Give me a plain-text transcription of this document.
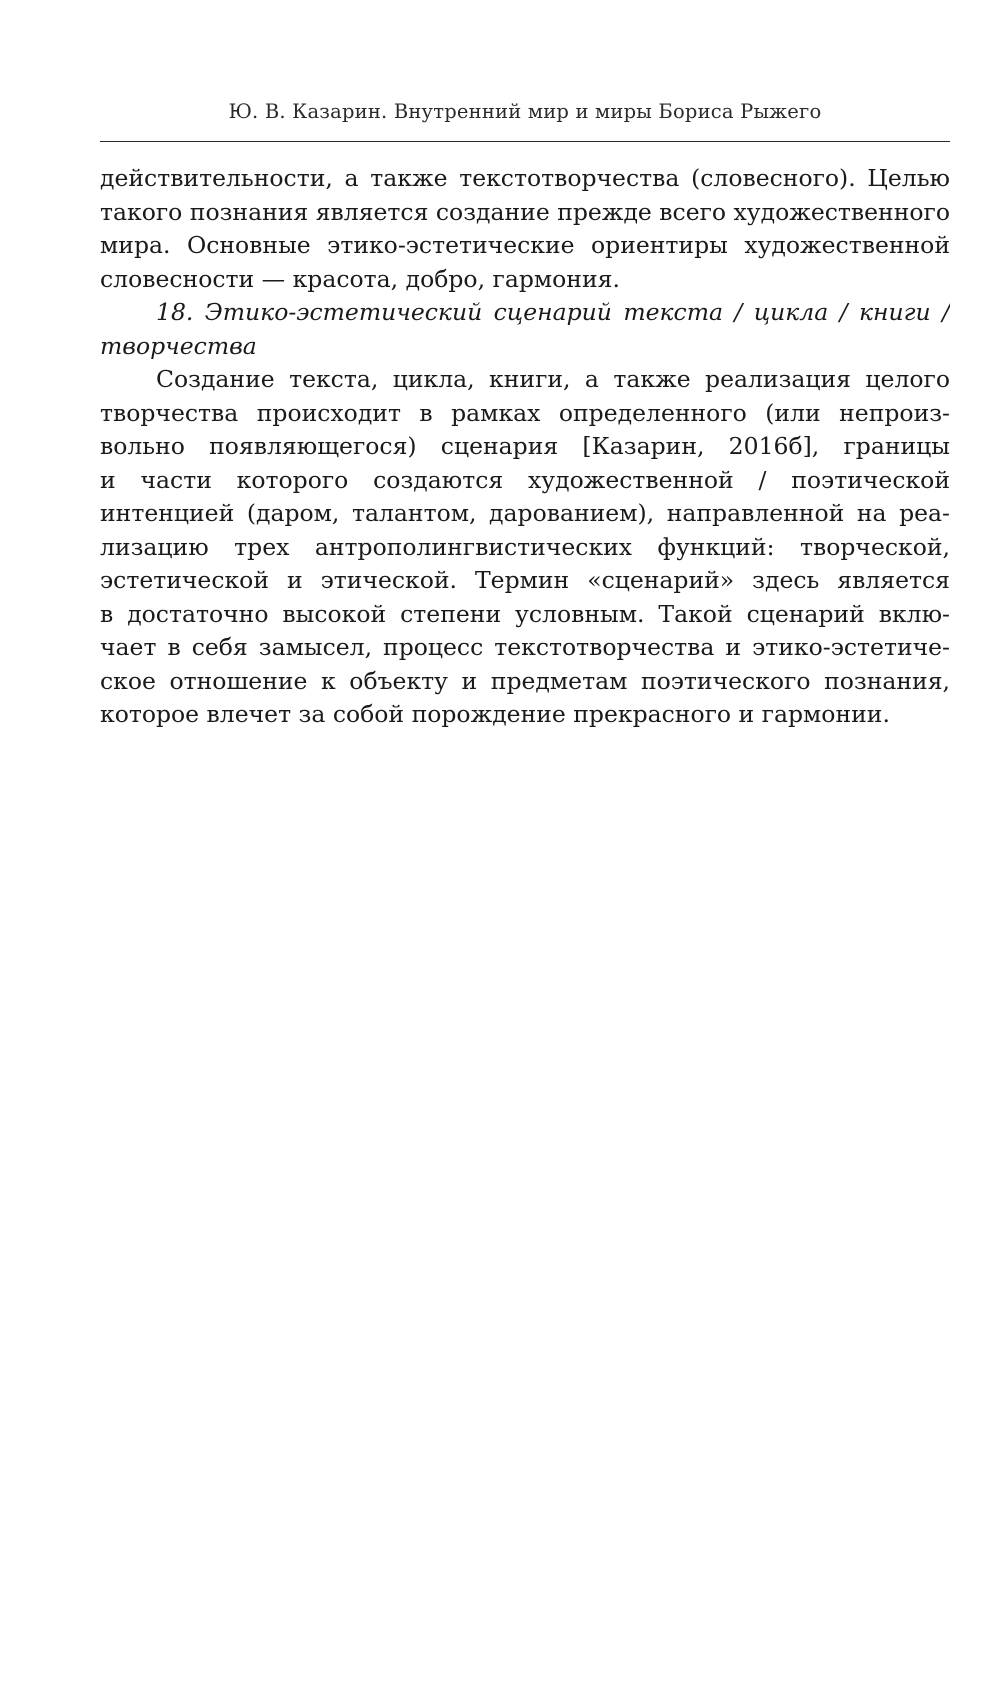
Ю. В. Казарин. Внутренний мир и миры Бориса Рыжего
действительности, а также текстотворчества (словесного). Целью
такого познания является создание прежде всего художественного
мира. Основные этико-эстетические ориентиры художественной
словесности — красота, добро, гармония.
18. Этико-эстетический сценарий текста / цикла / книги /
творчества
Создание текста, цикла, книги, а также реализация целого
творчества происходит в рамках определенного (или непроиз-
вольно появляющегося) сценария [Казарин, 2016б], границы
и части которого создаются художественной / поэтической
интенцией (даром, талантом, дарованием), направленной на реа-
лизацию трех антрополингвистических функций: творческой,
эстетической и этической. Термин «сценарий» здесь является
в достаточно высокой степени условным. Такой сценарий вклю-
чает в себя замысел, процесс текстотворчества и этико-эстетиче-
ское отношение к объекту и предметам поэтического познания,
которое влечет за собой порождение прекрасного и гармонии.
